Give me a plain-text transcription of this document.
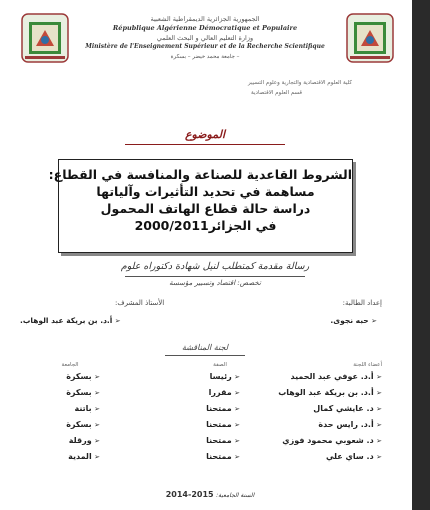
الجمهورية الجزائرية الديمقراطية الشعبية
République Algérienne Démocratique et Populaire
وزارة التعليم العالي و البحث العلمي
Ministère de l'Enseignement Supérieur et de la Recherche Scientifique
جامعة محمد خيضر – بسكرة –
كلية العلوم الاقتصادية والتجارية وعلوم التسيير
قسم العلوم الاقتصادية
الموضوع
الشروط القاعدية للصناعة والمنافسة في القطاع:
مساهمة في تحديد التأثيرات وآلياتها
دراسة حالة قطاع الهاتف المحمول
في الجزائر2000/2011
رسالة مقدمة كمتطلب لنيل شهادة دكتوراه علوم
تخصص: اقتصاد وتسيير مؤسسة
إعداد الطالبة:
الأستاذ المشرف:
➢ حبه نجوى.
➢ أ.د. بن بريكة عبد الوهاب.
لجنة المناقشة
أعضاء اللجنة
الصفة
الجامعة
➢ أ.د. عوفي عبد الحميد
➢ رئيسا
➢ بسكرة
➢ أ.د. بن بريكة عبد الوهاب
➢ مقررا
➢ بسكرة
➢ د. عايشي كمال
➢ ممتحنا
➢ باتنة
➢ أ.د. رايس حدة
➢ ممتحنا
➢ بسكرة
➢ د. شعوبي محمود فوزي
➢ ممتحنا
➢ ورقلة
➢ د. ساي علي
➢ ممتحنا
➢ المدية
السنة الجامعية: 2015-2014
